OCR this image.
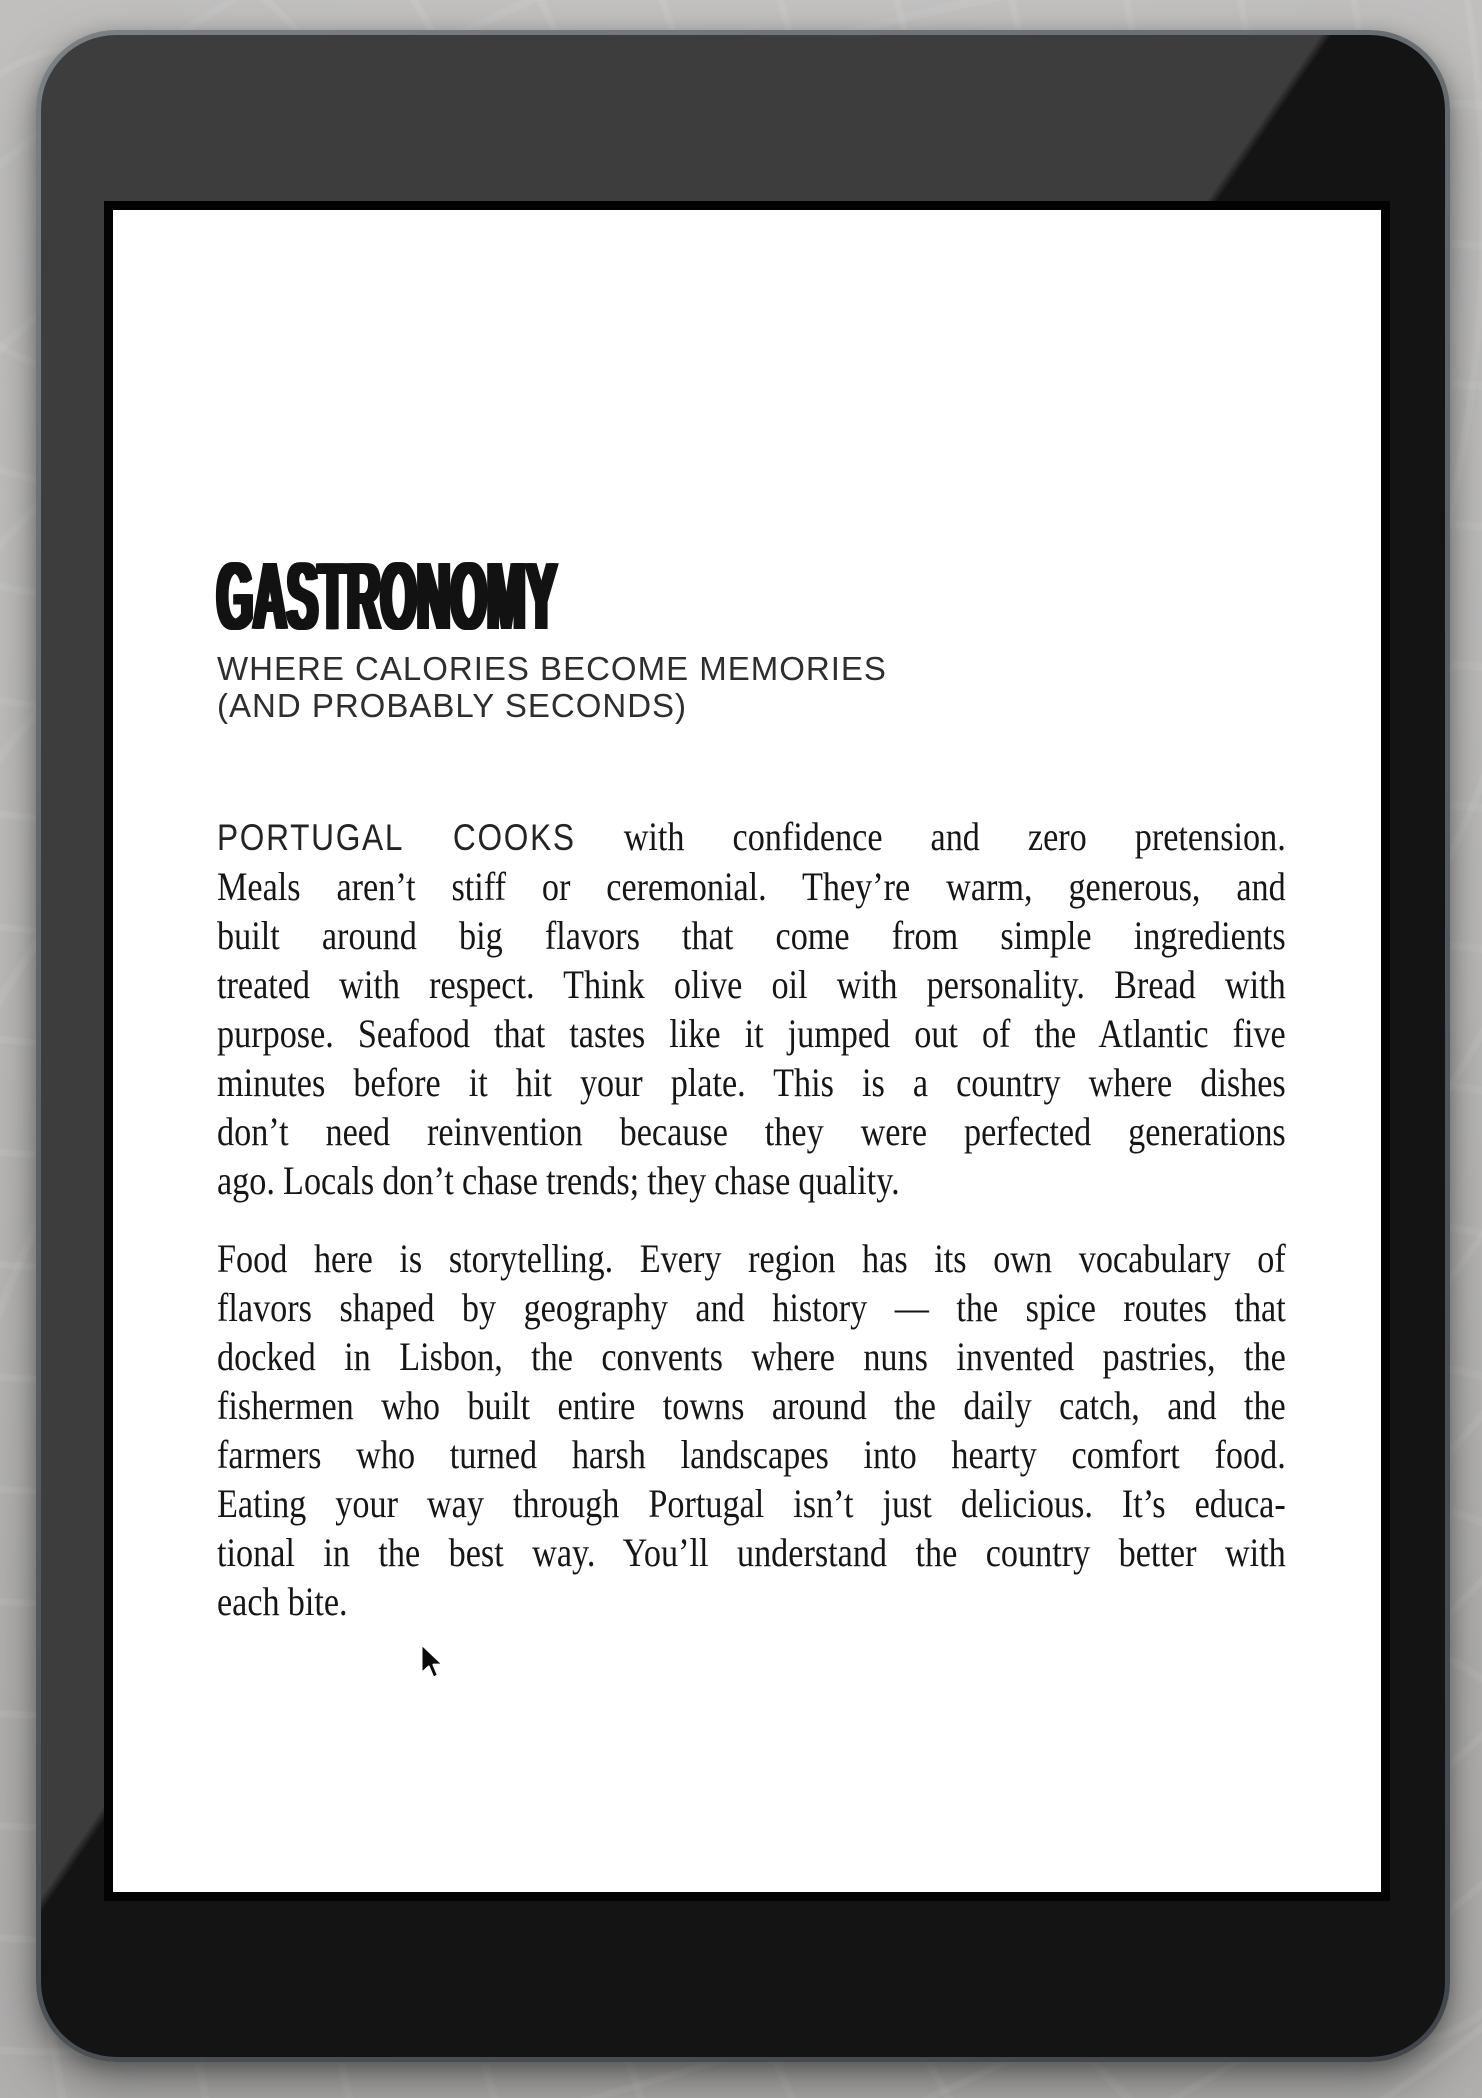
GASTRONOMY
WHERE CALORIES BECOME MEMORIES
(AND PROBABLY SECONDS)
PORTUGAL COOKS with confidence and zero pretension.
Meals aren’t stiff or ceremonial. They’re warm, generous, and
built around big flavors that come from simple ingredients
treated with respect. Think olive oil with personality. Bread with
purpose. Seafood that tastes like it jumped out of the Atlantic five
minutes before it hit your plate. This is a country where dishes
don’t need reinvention because they were perfected generations
ago. Locals don’t chase trends; they chase quality.
Food here is storytelling. Every region has its own vocabulary of
flavors shaped by geography and history — the spice routes that
docked in Lisbon, the convents where nuns invented pastries, the
fishermen who built entire towns around the daily catch, and the
farmers who turned harsh landscapes into hearty comfort food.
Eating your way through Portugal isn’t just delicious. It’s educa-
tional in the best way. You’ll understand the country better with
each bite.
